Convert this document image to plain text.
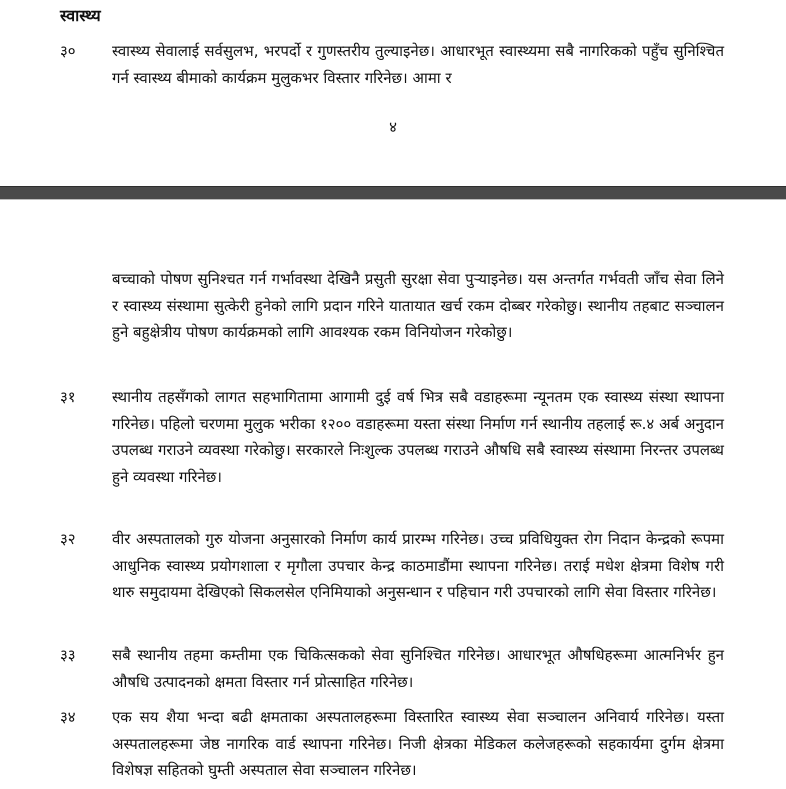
स्वास्थ्य
३० स्वास्थ्य सेवालाई सर्वसुलभ, भरपर्दो र गुणस्तरीय तुल्याइनेछ। आधारभूत स्वास्थ्यमा सबै नागरिकको पहुँच सुनिश्चित गर्न स्वास्थ्य बीमाको कार्यक्रम मुलुकभर विस्तार गरिनेछ। आमा र

४

बच्चाको पोषण सुनिश्चत गर्न गर्भावस्था देखिनै प्रसुती सुरक्षा सेवा पुऱ्याइनेछ। यस अन्तर्गत गर्भवती जाँच सेवा लिने र स्वास्थ्य संस्थामा सुत्केरी हुनेको लागि प्रदान गरिने यातायात खर्च रकम दोब्बर गरेकोछु। स्थानीय तहबाट सञ्चालन हुने बहुक्षेत्रीय पोषण कार्यक्रमको लागि आवश्यक रकम विनियोजन गरेकोछु।

३१ स्थानीय तहसँगको लागत सहभागितामा आगामी दुई वर्ष भित्र सबै वडाहरूमा न्यूनतम एक स्वास्थ्य संस्था स्थापना गरिनेछ। पहिलो चरणमा मुलुक भरीका १२०० वडाहरूमा यस्ता संस्था निर्माण गर्न स्थानीय तहलाई रू.४ अर्ब अनुदान उपलब्ध गराउने व्यवस्था गरेकोछु। सरकारले निःशुल्क उपलब्ध गराउने औषधि सबै स्वास्थ्य संस्थामा निरन्तर उपलब्ध हुने व्यवस्था गरिनेछ।

३२ वीर अस्पतालको गुरु योजना अनुसारको निर्माण कार्य प्रारम्भ गरिनेछ। उच्च प्रविधियुक्त रोग निदान केन्द्रको रूपमा आधुनिक स्वास्थ्य प्रयोगशाला र मृगौला उपचार केन्द्र काठमाडौंमा स्थापना गरिनेछ। तराई मधेश क्षेत्रमा विशेष गरी थारु समुदायमा देखिएको सिकलसेल एनिमियाको अनुसन्धान र पहिचान गरी उपचारको लागि सेवा विस्तार गरिनेछ।

३३ सबै स्थानीय तहमा कम्तीमा एक चिकित्सकको सेवा सुनिश्चित गरिनेछ। आधारभूत औषधिहरूमा आत्मनिर्भर हुन औषधि उत्पादनको क्षमता विस्तार गर्न प्रोत्साहित गरिनेछ।

३४ एक सय शैया भन्दा बढी क्षमताका अस्पतालहरूमा विस्तारित स्वास्थ्य सेवा सञ्चालन अनिवार्य गरिनेछ। यस्ता अस्पतालहरूमा जेष्ठ नागरिक वार्ड स्थापना गरिनेछ। निजी क्षेत्रका मेडिकल कलेजहरूको सहकार्यमा दुर्गम क्षेत्रमा विशेषज्ञ सहितको घुम्ती अस्पताल सेवा सञ्चालन गरिनेछ।
